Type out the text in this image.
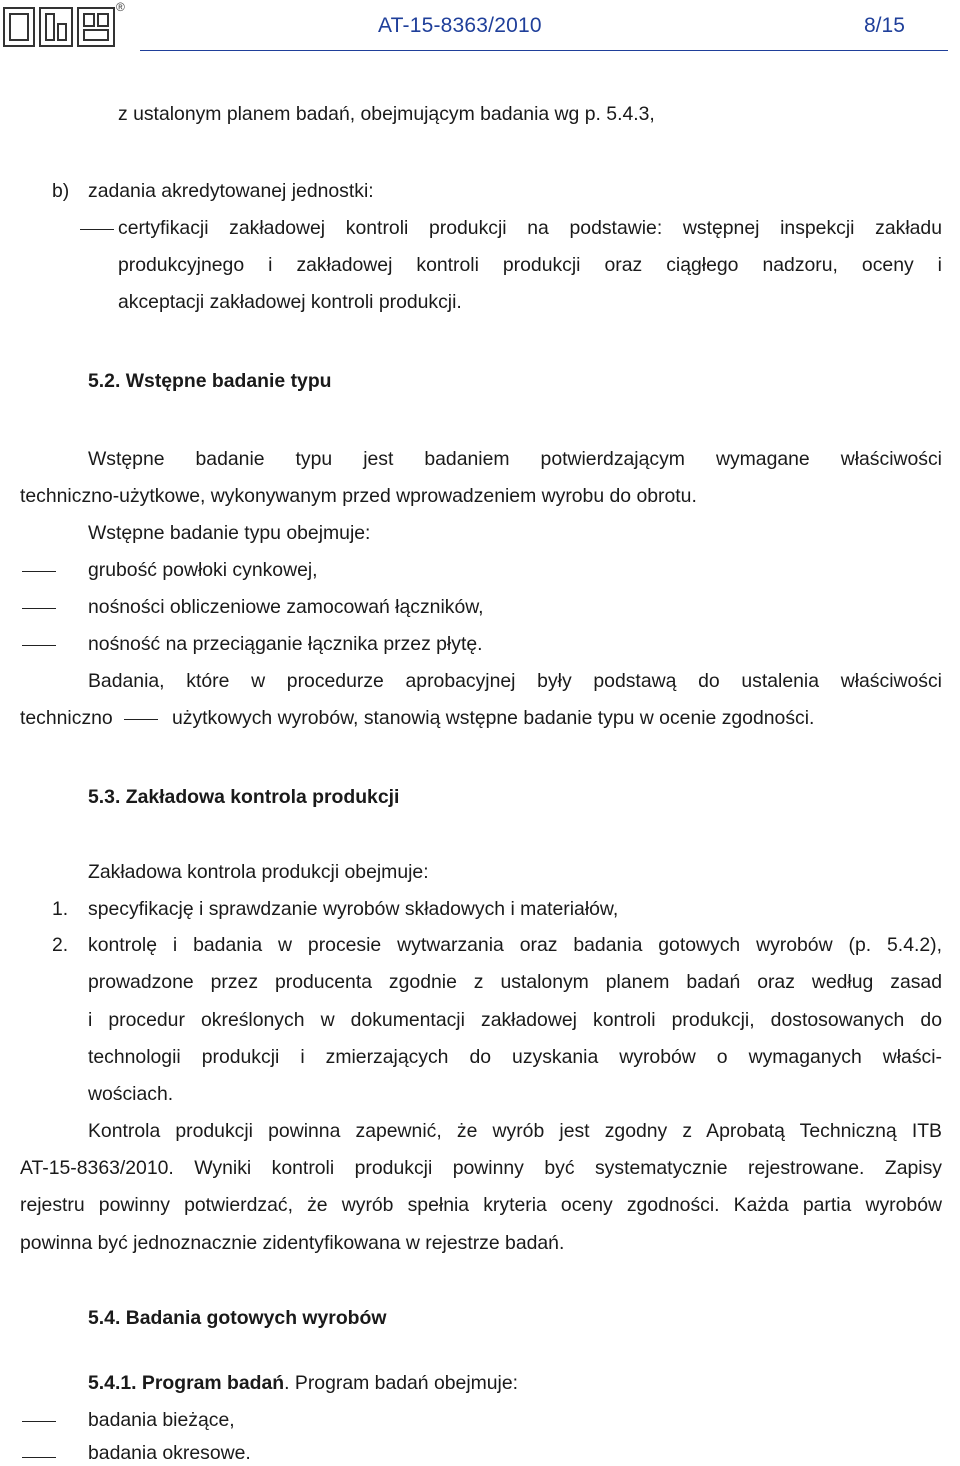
®
AT-15-8363/2010	8/15
z ustalonym planem badań, obejmującym badania wg p. 5.4.3,
b) zadania akredytowanej jednostki:
certyfikacji zakładowej kontroli produkcji na podstawie: wstępnej inspekcji zakładu
produkcyjnego i zakładowej kontroli produkcji oraz ciągłego nadzoru, oceny i
akceptacji zakładowej kontroli produkcji.
5.2. Wstępne badanie typu
Wstępne badanie typu jest badaniem potwierdzającym wymagane właściwości
techniczno-użytkowe, wykonywanym przed wprowadzeniem wyrobu do obrotu.
Wstępne badanie typu obejmuje:
grubość powłoki cynkowej,
nośności obliczeniowe zamocowań łączników,
nośność na przeciąganie łącznika przez płytę.
Badania, które w procedurze aprobacyjnej były podstawą do ustalenia właściwości
techniczno	użytkowych wyrobów, stanowią wstępne badanie typu w ocenie zgodności.
5.3. Zakładowa kontrola produkcji
Zakładowa kontrola produkcji obejmuje:
1. specyfikację i sprawdzanie wyrobów składowych i materiałów,
2. kontrolę i badania w procesie wytwarzania oraz badania gotowych wyrobów (p. 5.4.2),
prowadzone przez producenta zgodnie z ustalonym planem badań oraz według zasad
i procedur określonych w dokumentacji zakładowej kontroli produkcji, dostosowanych do
technologii produkcji i zmierzających do uzyskania wyrobów o wymaganych właści-
wościach.
Kontrola produkcji powinna zapewnić, że wyrób jest zgodny z Aprobatą Techniczną ITB
AT-15-8363/2010. Wyniki kontroli produkcji powinny być systematycznie rejestrowane. Zapisy
rejestru powinny potwierdzać, że wyrób spełnia kryteria oceny zgodności. Każda partia wyrobów
powinna być jednoznacznie zidentyfikowana w rejestrze badań.
5.4. Badania gotowych wyrobów
5.4.1. Program badań. Program badań obejmuje:
badania bieżące,
badania okresowe.
